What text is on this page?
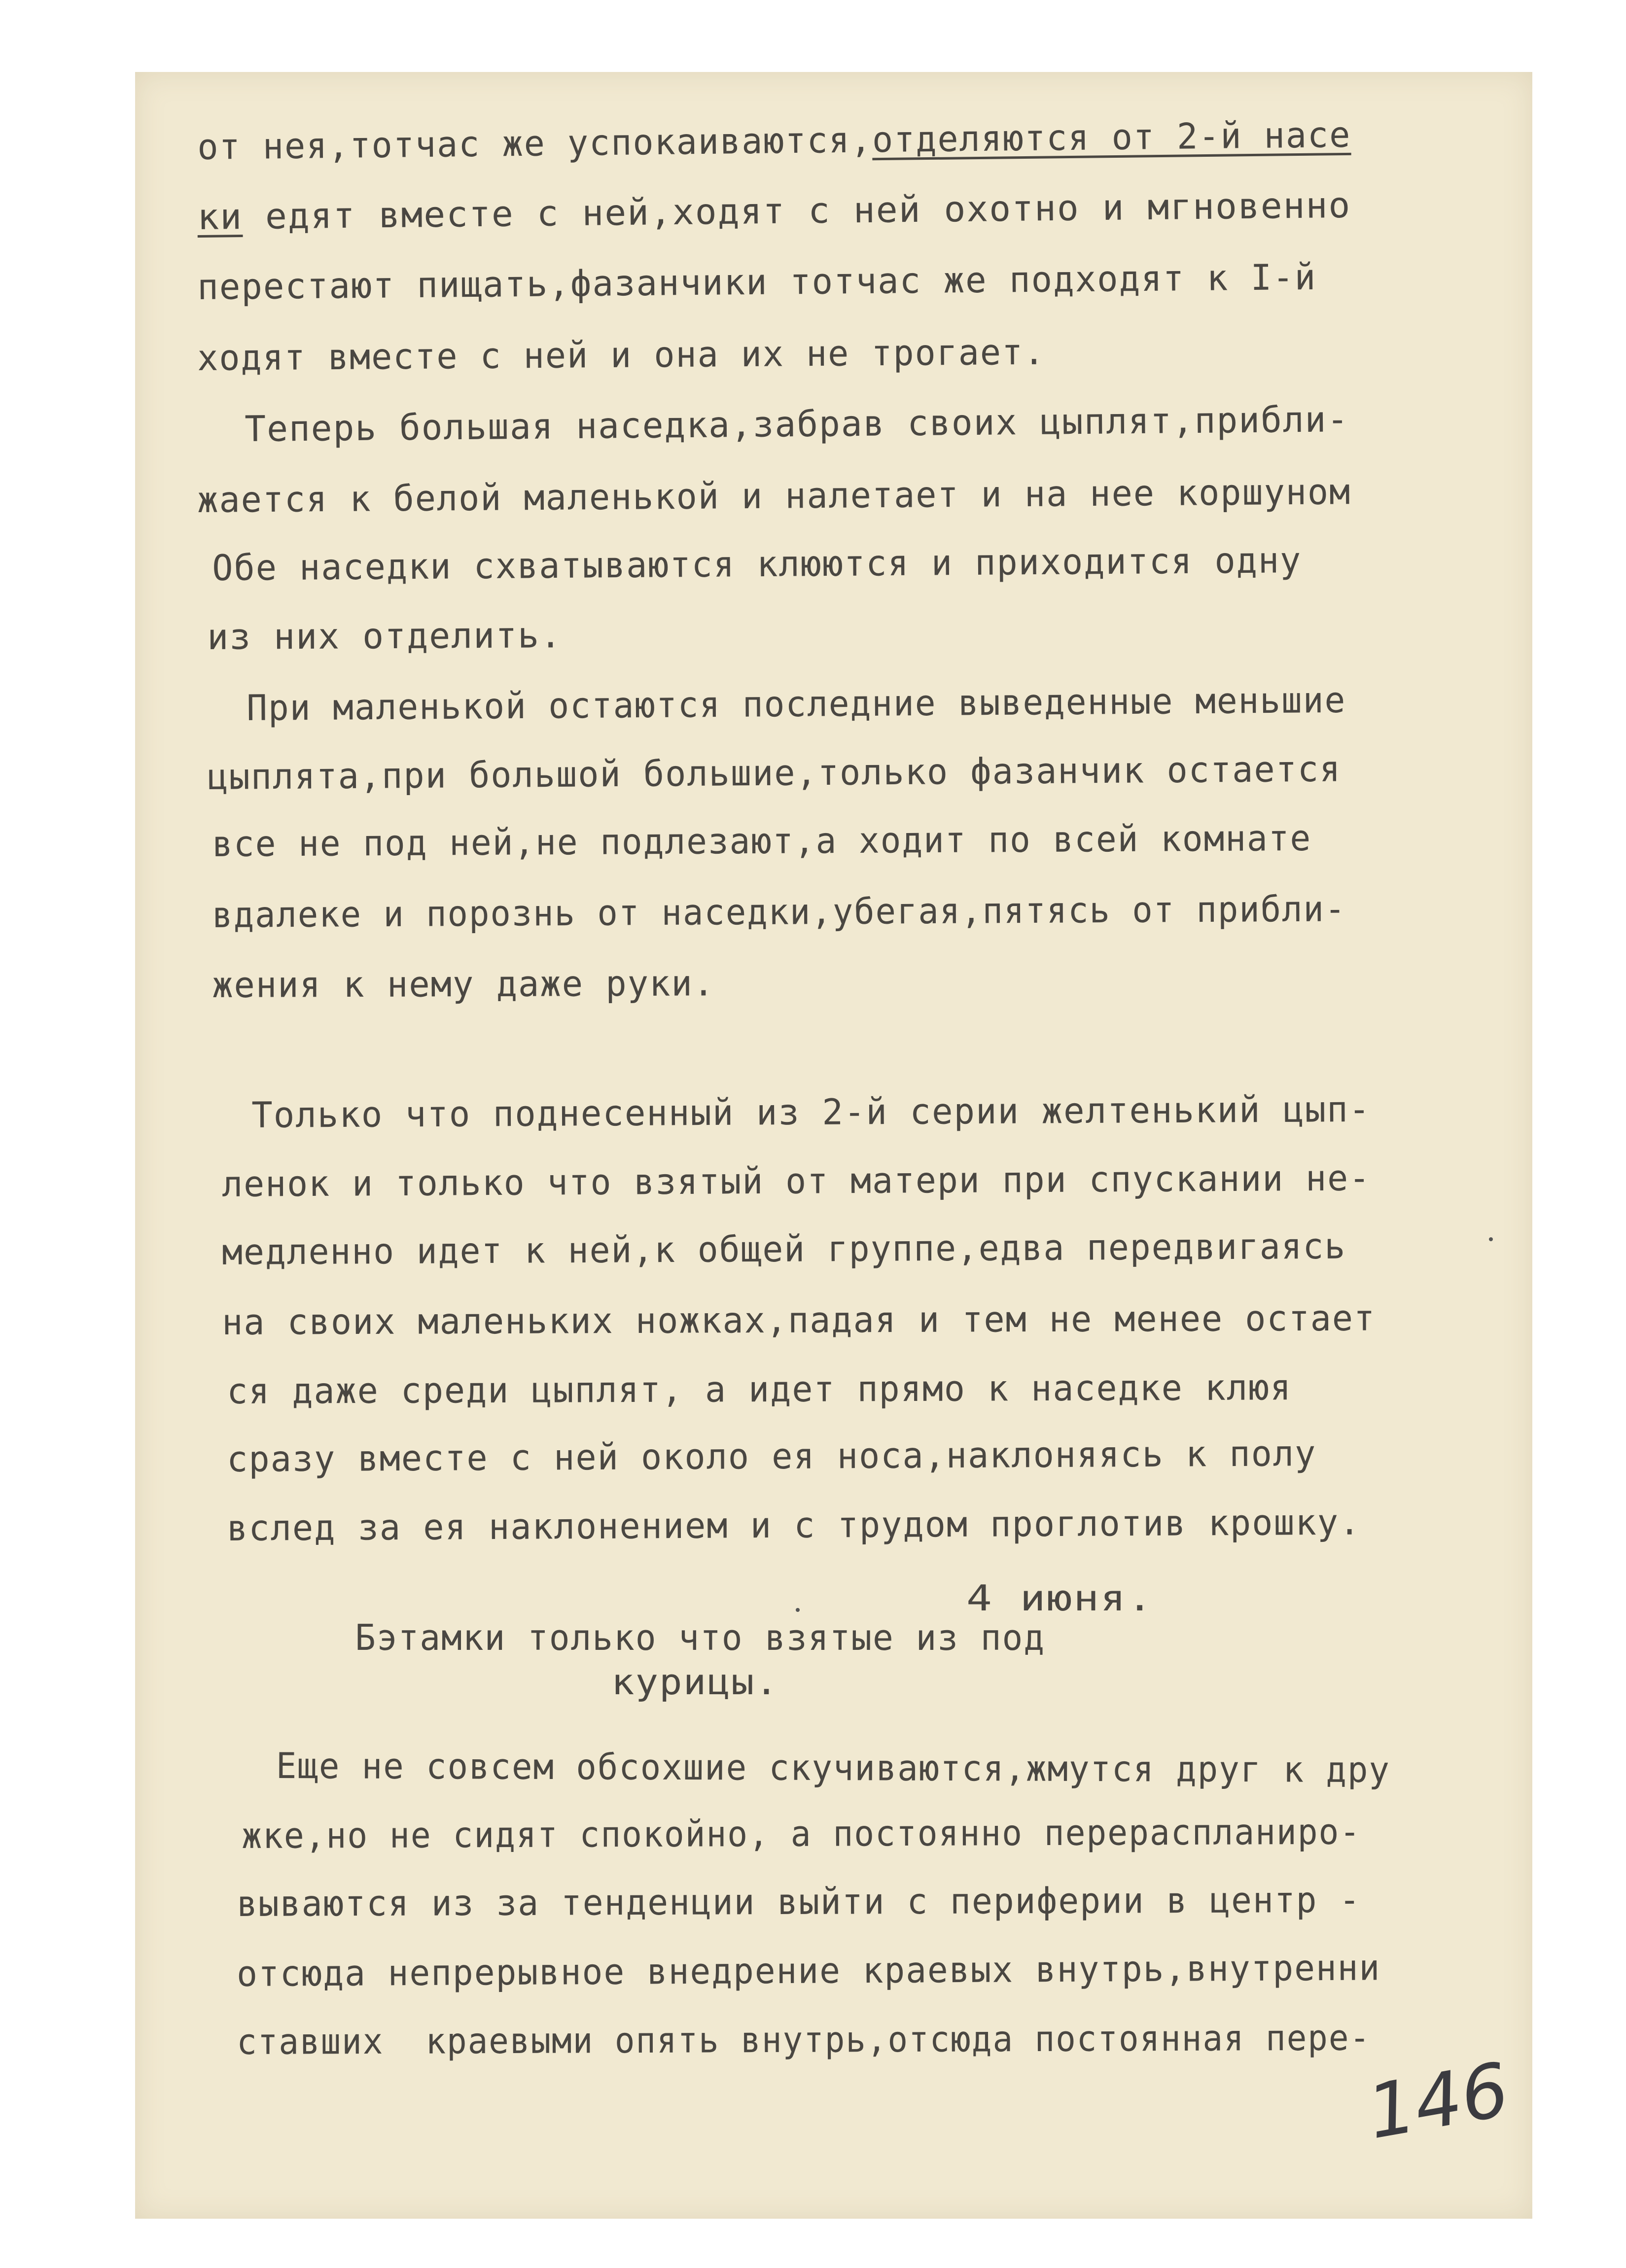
146
от нея,тотчас же успокаиваются,отделяются от 2-й насе
ки едят вместе с ней,ходят с ней охотно и мгновенно
перестают пищать,фазанчики тотчас же подходят к I-й
ходят вместе с ней и она их не трогает.
Теперь большая наседка,забрав своих цыплят,прибли-
жается к белой маленькой и налетает и на нее коршуном
Обе наседки схватываются клюются и приходится одну
из них отделить.
При маленькой остаются последние выведенные меньшие
цыплята,при большой большие,только фазанчик остается
все не под ней,не подлезают,а ходит по всей комнате
вдалеке и порознь от наседки,убегая,пятясь от прибли-
жения к нему даже руки.
Только что поднесенный из 2-й серии желтенький цып-
ленок и только что взятый от матери при спускании не-
медленно идет к ней,к общей группе,едва передвигаясь
на своих маленьких ножках,падая и тем не менее остает
ся даже среди цыплят, а идет прямо к наседке клюя
сразу вместе с ней около ея носа,наклоняясь к полу
вслед за ея наклонением и с трудом проглотив крошку.
4 июня.
Бэтамки только что взятые из под
курицы.
Еще не совсем обсохшие скучиваются,жмутся друг к дру
жке,но не сидят спокойно, а постоянно перераспланиро-
вываются из за тенденции выйти с периферии в центр -
отсюда непрерывное внедрение краевых внутрь,внутренни
ставших  краевыми опять внутрь,отсюда постоянная пере-
